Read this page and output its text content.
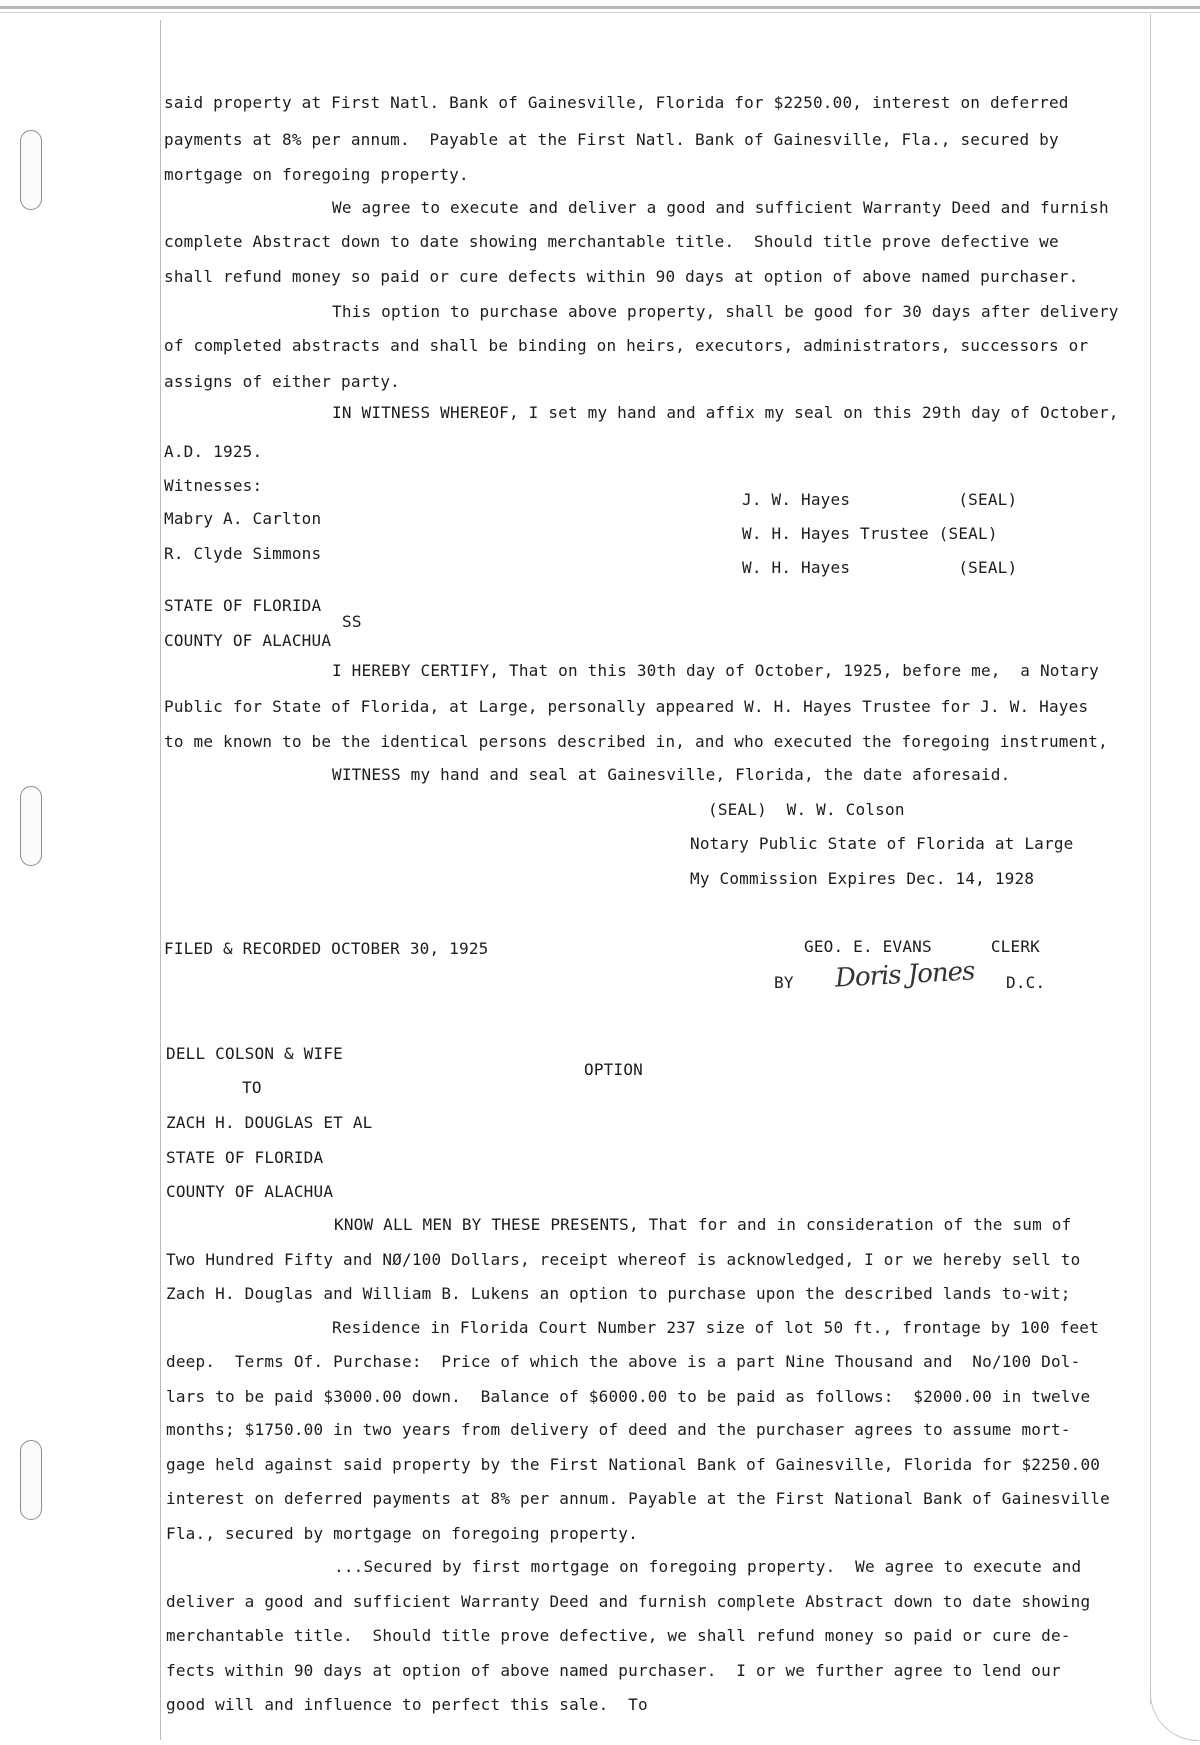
said property at First Natl. Bank of Gainesville, Florida for $2250.00, interest on deferred
payments at 8% per annum.  Payable at the First Natl. Bank of Gainesville, Fla., secured by
mortgage on foregoing property.
We agree to execute and deliver a good and sufficient Warranty Deed and furnish
complete Abstract down to date showing merchantable title.  Should title prove defective we
shall refund money so paid or cure defects within 90 days at option of above named purchaser.
This option to purchase above property, shall be good for 30 days after delivery
of completed abstracts and shall be binding on heirs, executors, administrators, successors or
assigns of either party.
IN WITNESS WHEREOF, I set my hand and affix my seal on this 29th day of October,
A.D. 1925.
Witnesses:
Mabry A. Carlton
R. Clyde Simmons
J. W. Hayes           (SEAL)
W. H. Hayes Trustee (SEAL)
W. H. Hayes           (SEAL)
STATE OF FLORIDA
SS
COUNTY OF ALACHUA
I HEREBY CERTIFY, That on this 30th day of October, 1925, before me,  a Notary
Public for State of Florida, at Large, personally appeared W. H. Hayes Trustee for J. W. Hayes
to me known to be the identical persons described in, and who executed the foregoing instrument,
WITNESS my hand and seal at Gainesville, Florida, the date aforesaid.
(SEAL)  W. W. Colson
Notary Public State of Florida at Large
My Commission Expires Dec. 14, 1928
FILED & RECORDED OCTOBER 30, 1925	GEO. E. EVANS      CLERK
BY Doris Jones D.C.
DELL COLSON & WIFE
TO
ZACH H. DOUGLAS ET AL
STATE OF FLORIDA
COUNTY OF ALACHUA
OPTION
KNOW ALL MEN BY THESE PRESENTS, That for and in consideration of the sum of
Two Hundred Fifty and NØ/100 Dollars, receipt whereof is acknowledged, I or we hereby sell to
Zach H. Douglas and William B. Lukens an option to purchase upon the described lands to-wit;
Residence in Florida Court Number 237 size of lot 50 ft., frontage by 100 feet
deep.  Terms Of. Purchase:  Price of which the above is a part Nine Thousand and  No/100 Dol-
lars to be paid $3000.00 down.  Balance of $6000.00 to be paid as follows:  $2000.00 in twelve
months; $1750.00 in two years from delivery of deed and the purchaser agrees to assume mort-
gage held against said property by the First National Bank of Gainesville, Florida for $2250.00
interest on deferred payments at 8% per annum. Payable at the First National Bank of Gainesville
Fla., secured by mortgage on foregoing property.
...Secured by first mortgage on foregoing property.  We agree to execute and
deliver a good and sufficient Warranty Deed and furnish complete Abstract down to date showing
merchantable title.  Should title prove defective, we shall refund money so paid or cure de-
fects within 90 days at option of above named purchaser.  I or we further agree to lend our
good will and influence to perfect this sale.  To
